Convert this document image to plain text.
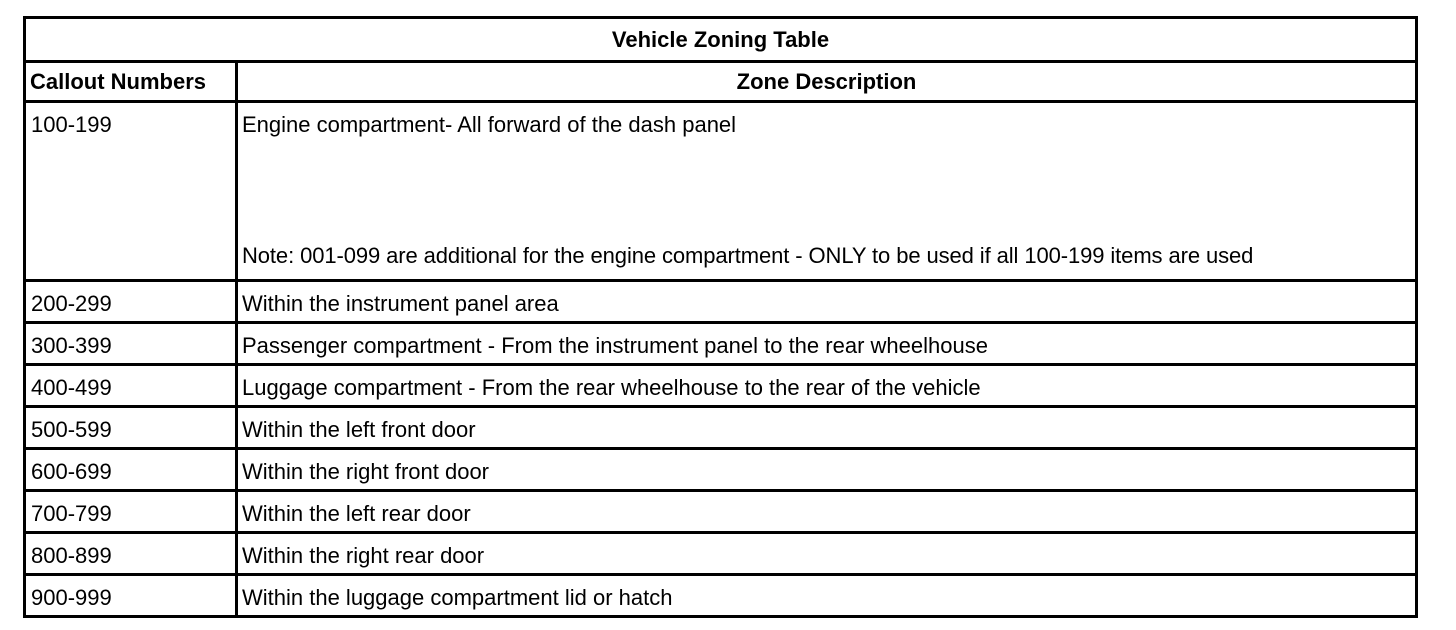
Vehicle Zoning Table	
Callout Numbers	Zone Description
100-199	Engine compartment- All forward of the dash panel
Note: 001-099 are additional for the engine compartment - ONLY to be used if all 100-199 items are used

200-299	Within the instrument panel area
300-399	Passenger compartment - From the instrument panel to the rear wheelhouse
400-499	Luggage compartment - From the rear wheelhouse to the rear of the vehicle
500-599	Within the left front door
600-699	Within the right front door
700-799	Within the left rear door
800-899	Within the right rear door
900-999	Within the luggage compartment lid or hatch
